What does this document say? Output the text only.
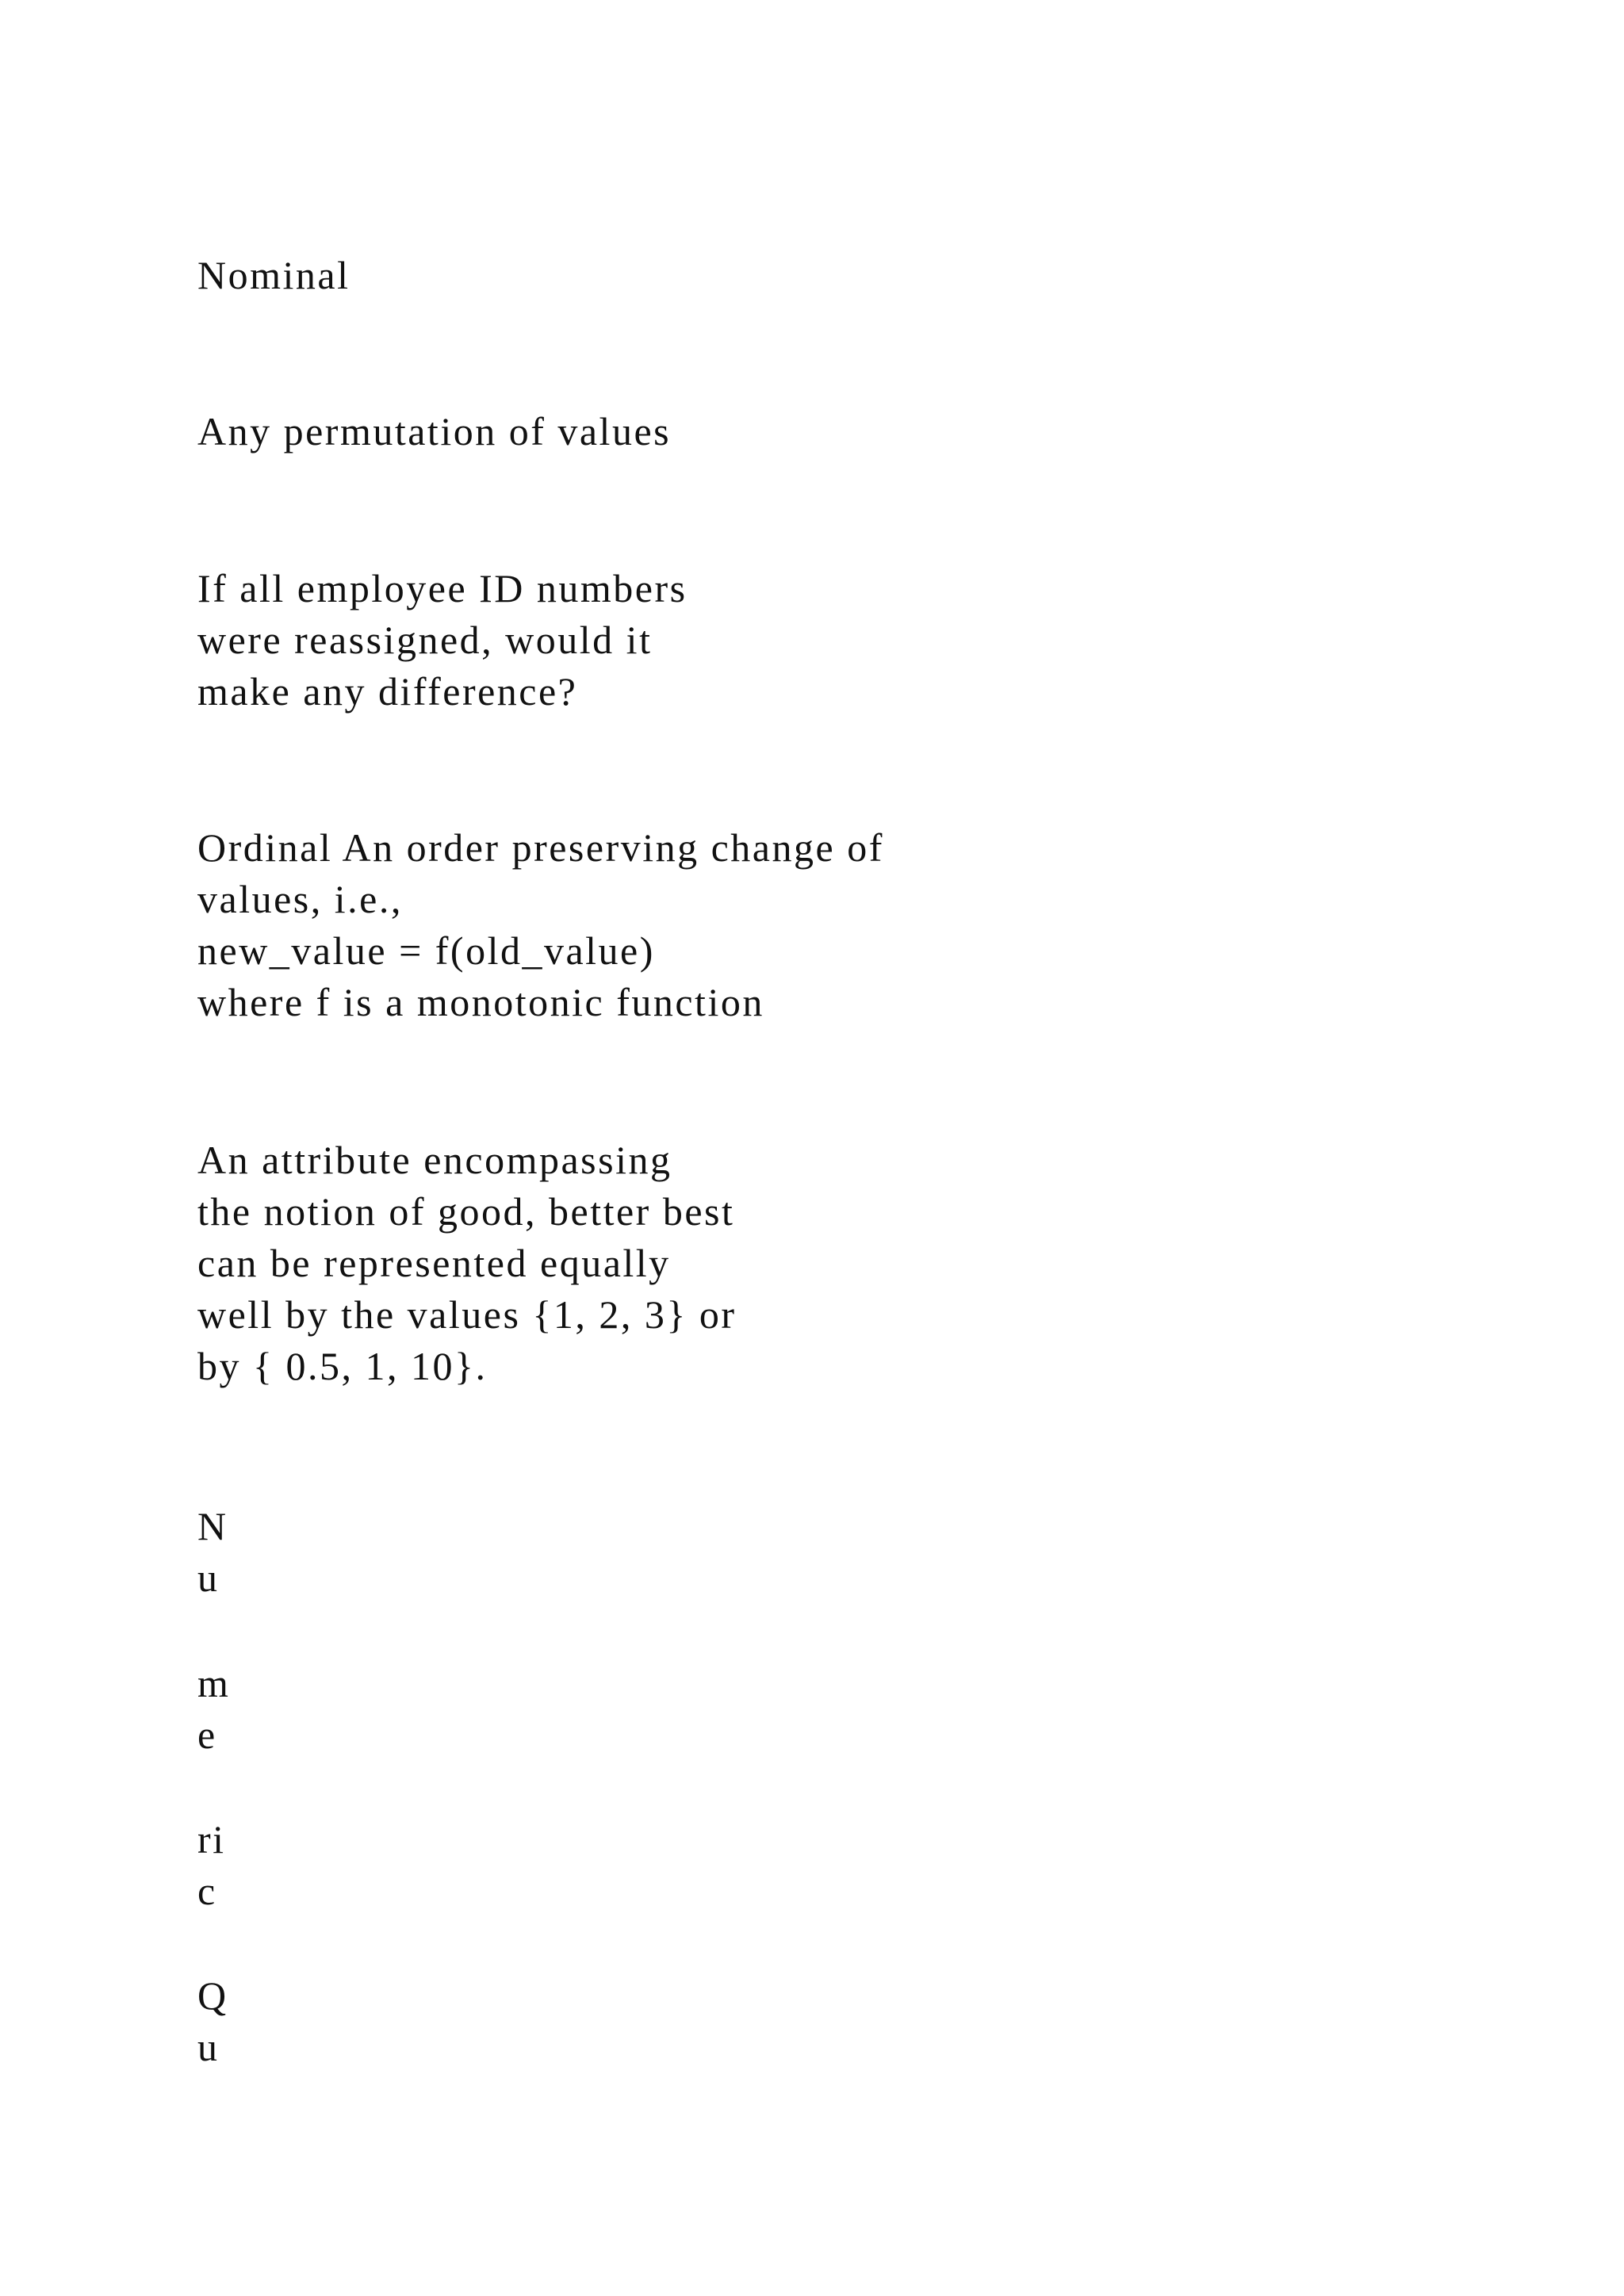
Nominal
Any permutation of values
If all employee ID numbers
were reassigned, would it
make any difference?
Ordinal An order preserving change of
values, i.e.,
new_value = f(old_value)
where f is a monotonic function
An attribute encompassing
the notion of good, better best
can be represented equally
well by the values {1, 2, 3} or
by { 0.5, 1, 10}.
N
u
m
e
ri
c
Q
u
